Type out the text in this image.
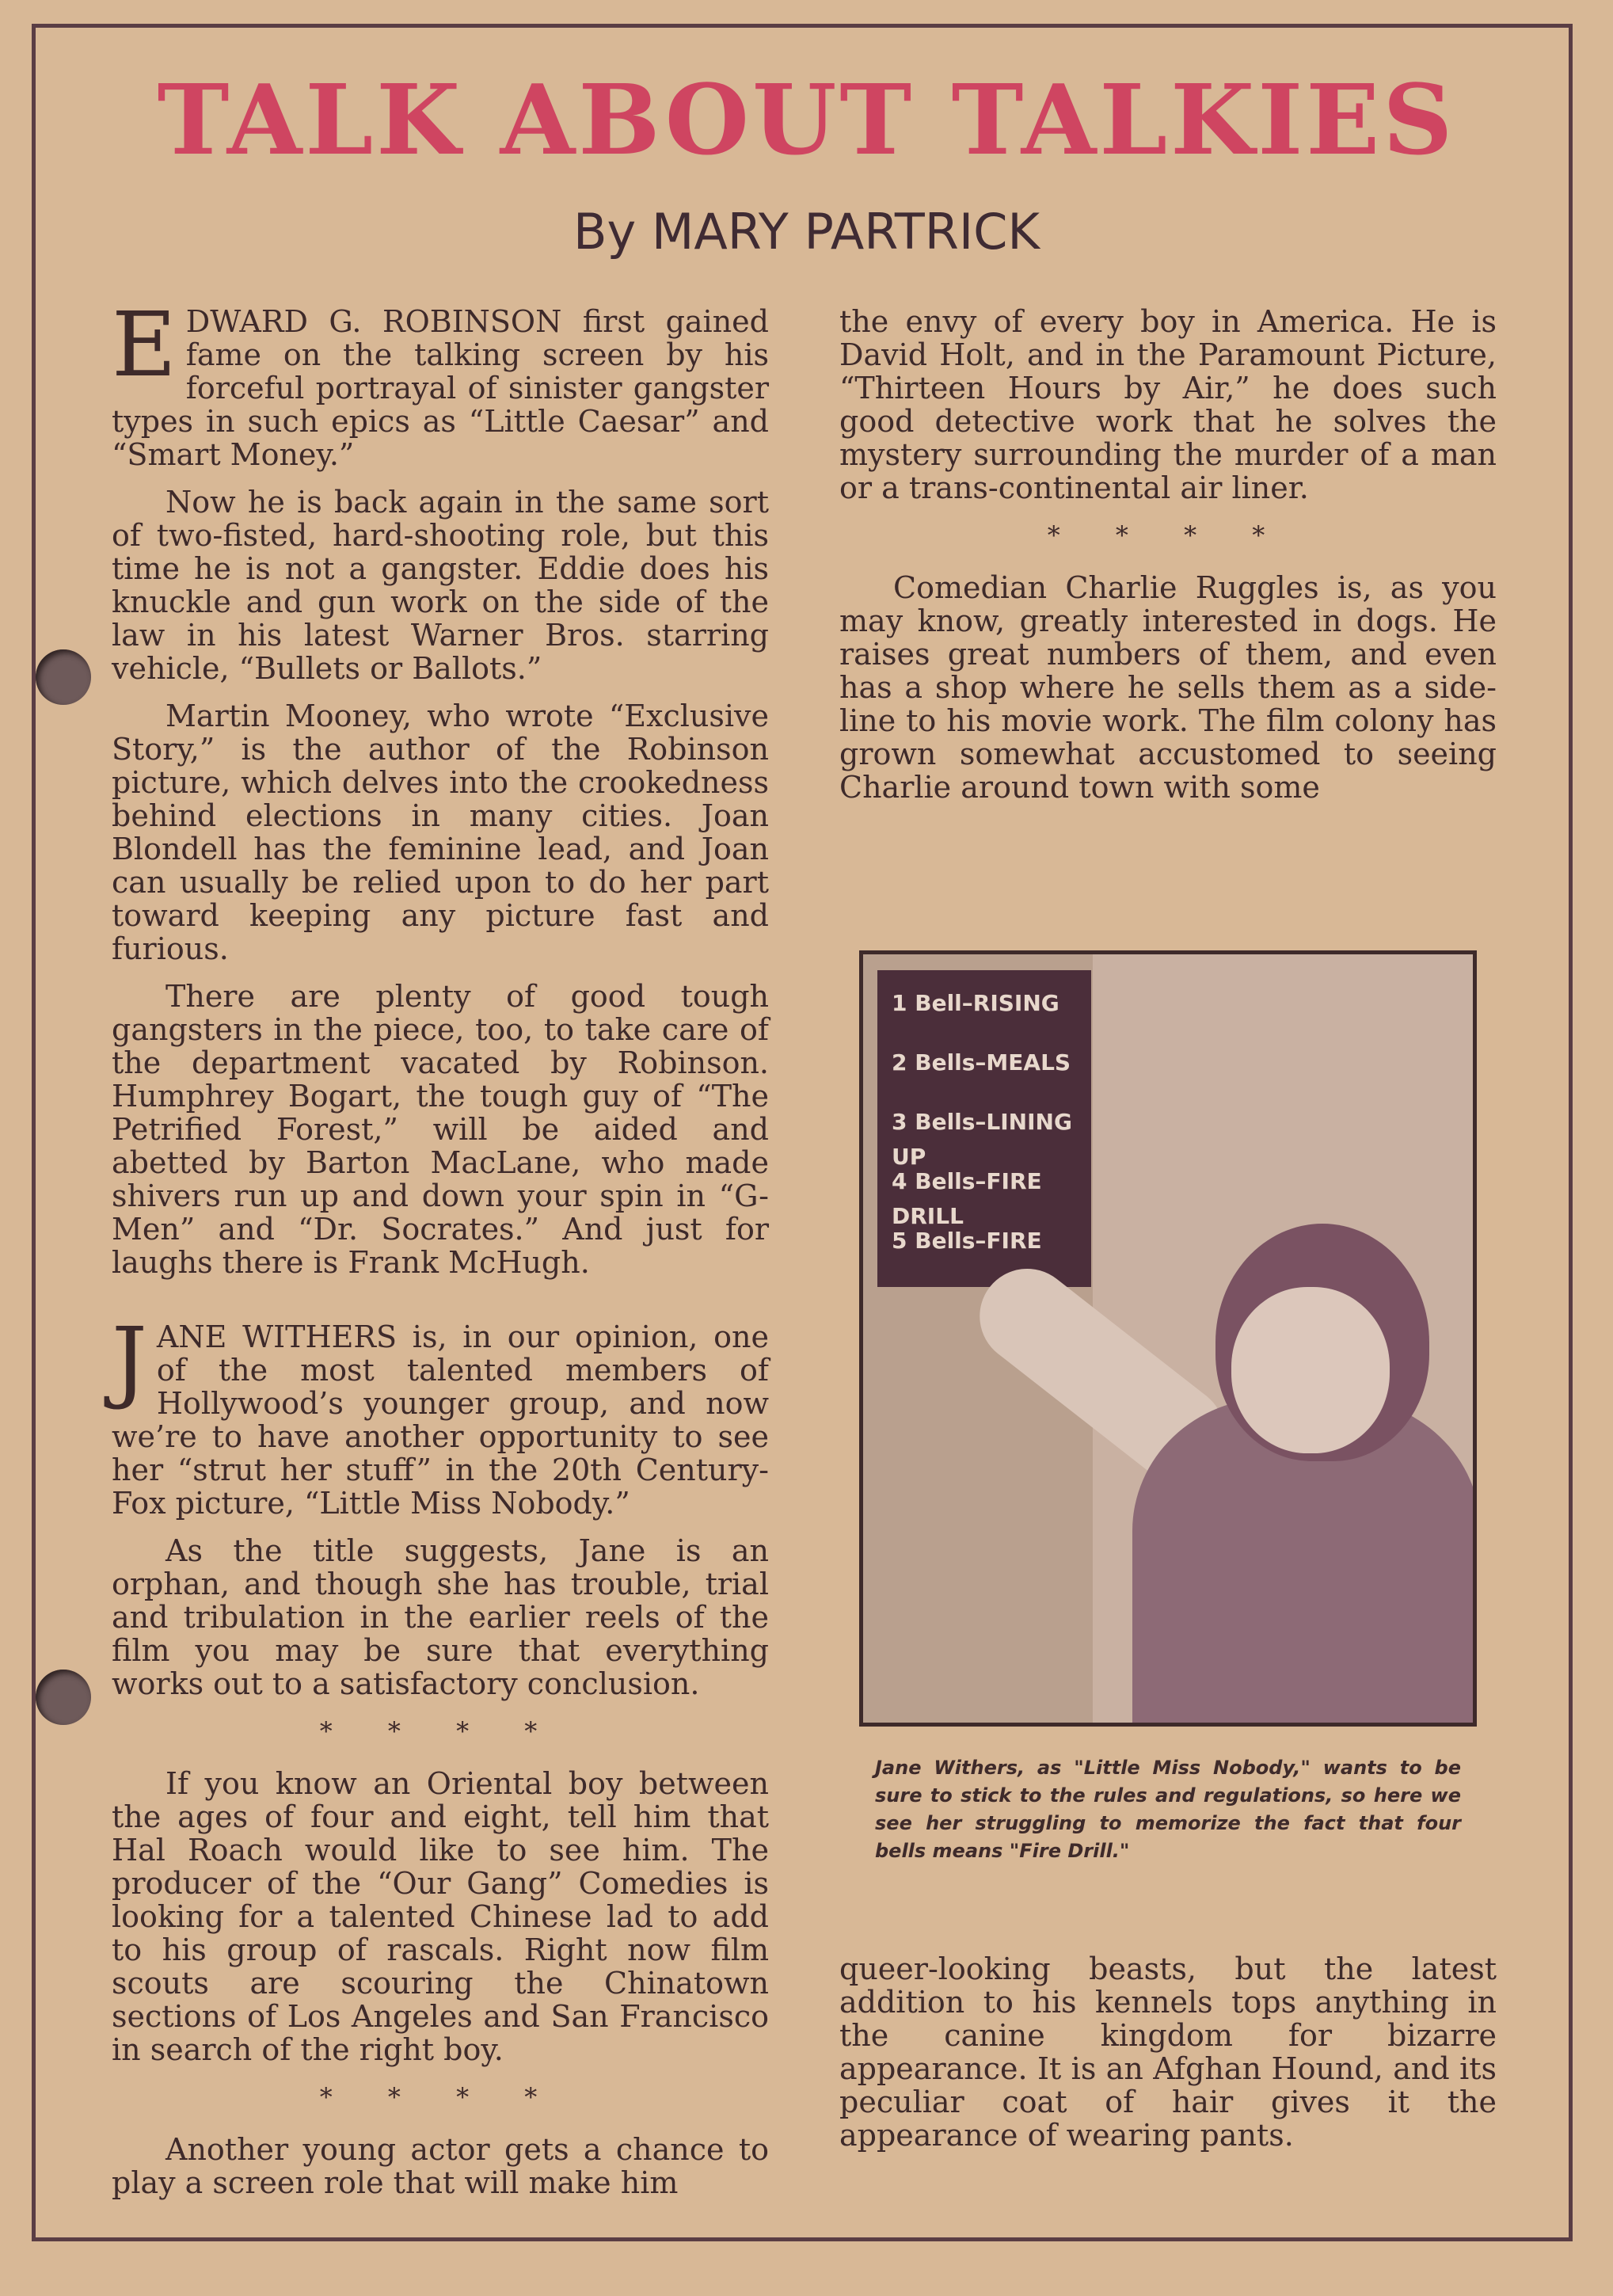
TALK ABOUT TALKIES
By MARY PARTRICK

E DWARD G. ROBINSON first gained fame on the talking screen by his forceful portrayal of sinister gangster types in such epics as “Little Caesar” and “Smart Money.”

Now he is back again in the same sort of two-fisted, hard-shooting role, but this time he is not a gangster. Eddie does his knuckle and gun work on the side of the law in his latest Warner Bros. starring vehicle, “Bullets or Ballots.”

Martin Mooney, who wrote “Exclusive Story,” is the author of the Robinson picture, which delves into the crookedness behind elections in many cities. Joan Blondell has the feminine lead, and Joan can usually be relied upon to do her part toward keeping any picture fast and furious.

There are plenty of good tough gangsters in the piece, too, to take care of the department vacated by Robinson. Humphrey Bogart, the tough guy of “The Petrified Forest,” will be aided and abetted by Barton MacLane, who made shivers run up and down your spin in “G-Men” and “Dr. Socrates.” And just for laughs there is Frank McHugh.

J ANE WITHERS is, in our opinion, one of the most talented members of Hollywood’s younger group, and now we’re to have another opportunity to see her “strut her stuff” in the 20th Century-Fox picture, “Little Miss Nobody.”

As the title suggests, Jane is an orphan, and though she has trouble, trial and tribulation in the earlier reels of the film you may be sure that everything works out to a satisfactory conclusion.

* * * *

If you know an Oriental boy between the ages of four and eight, tell him that Hal Roach would like to see him. The producer of the “Our Gang” Comedies is looking for a talented Chinese lad to add to his group of rascals. Right now film scouts are scouring the Chinatown sections of Los Angeles and San Francisco in search of the right boy.

* * * *

Another young actor gets a chance to play a screen role that will make him

the envy of every boy in America. He is David Holt, and in the Paramount Picture, “Thirteen Hours by Air,” he does such good detective work that he solves the mystery surrounding the murder of a man or a trans-continental air liner.

* * * *

Comedian Charlie Ruggles is, as you may know, greatly interested in dogs. He raises great numbers of them, and even has a shop where he sells them as a side-line to his movie work. The film colony has grown somewhat accustomed to seeing Charlie around town with some

1 Bell–RISING
2 Bells–MEALS
3 Bells–LINING UP
4 Bells–FIRE DRILL
5 Bells–FIRE
Jane Withers, as "Little Miss Nobody," wants to be sure to stick to the rules and regulations, so here we see her struggling to memorize the fact that four bells means "Fire Drill."

queer-looking beasts, but the latest addition to his kennels tops anything in the canine kingdom for bizarre appearance. It is an Afghan Hound, and its peculiar coat of hair gives it the appearance of wearing pants.
